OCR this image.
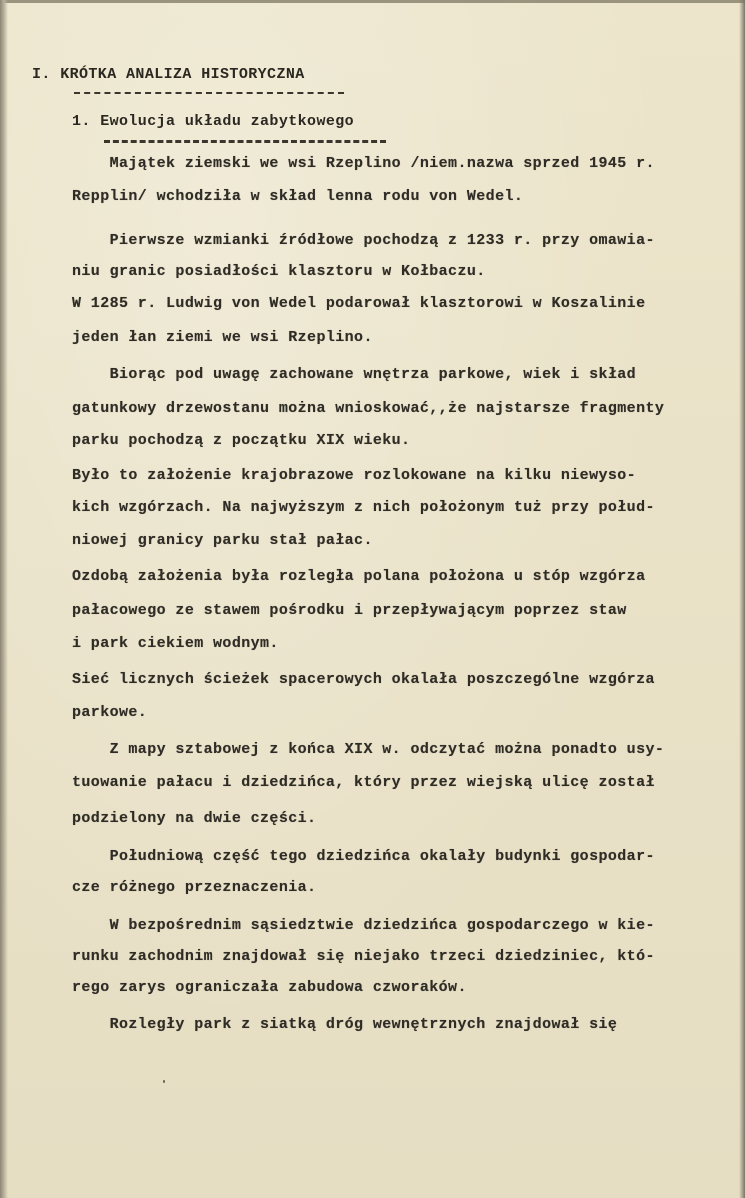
I. KRÓTKA ANALIZA HISTORYCZNA
1. Ewolucja układu zabytkowego
Majątek ziemski we wsi Rzeplino /niem.nazwa sprzed 1945 r.
Repplin/ wchodziła w skład lenna rodu von Wedel.
Pierwsze wzmianki źródłowe pochodzą z 1233 r. przy omawia-
niu granic posiadłości klasztoru w Kołbaczu.
W 1285 r. Ludwig von Wedel podarował klasztorowi w Koszalinie
jeden łan ziemi we wsi Rzeplino.
Biorąc pod uwagę zachowane wnętrza parkowe, wiek i skład
gatunkowy drzewostanu można wnioskować,,że najstarsze fragmenty
parku pochodzą z początku XIX wieku.
Było to założenie krajobrazowe rozlokowane na kilku niewyso-
kich wzgórzach. Na najwyższym z nich położonym tuż przy połud-
niowej granicy parku stał pałac.
Ozdobą założenia była rozległa polana położona u stóp wzgórza
pałacowego ze stawem pośrodku i przepływającym poprzez staw
i park ciekiem wodnym.
Sieć licznych ścieżek spacerowych okalała poszczególne wzgórza
parkowe.
Z mapy sztabowej z końca XIX w. odczytać można ponadto usy-
tuowanie pałacu i dziedzińca, który przez wiejską ulicę został
podzielony na dwie części.
Południową część tego dziedzińca okalały budynki gospodar-
cze różnego przeznaczenia.
W bezpośrednim sąsiedztwie dziedzińca gospodarczego w kie-
runku zachodnim znajdował się niejako trzeci dziedziniec, któ-
rego zarys ograniczała zabudowa czworaków.
Rozległy park z siatką dróg wewnętrznych znajdował się
